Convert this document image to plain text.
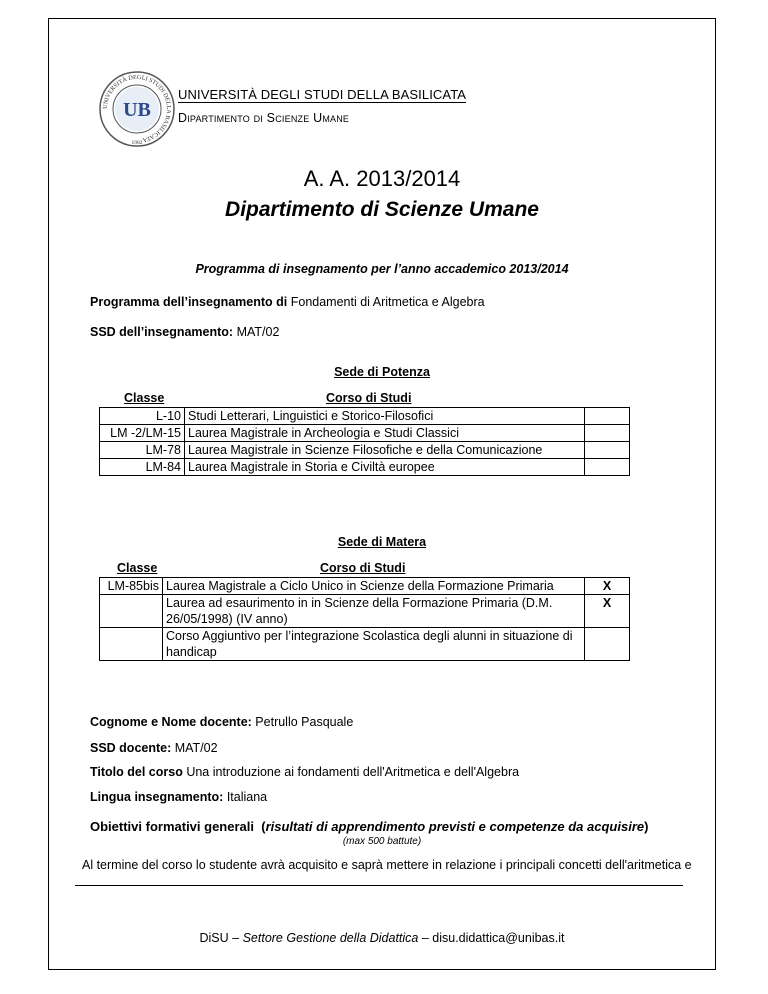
UNIVERSITÀ DEGLI STUDI DELLA BASILICATA
UB
1982
UNIVERSITÀ DEGLI STUDI DELLA BASILICATA
Dipartimento di Scienze Umane
A. A. 2013/2014
Dipartimento di Scienze Umane
Programma di insegnamento per l’anno accademico 2013/2014
Programma dell’insegnamento di Fondamenti di Aritmetica e Algebra
SSD dell’insegnamento: MAT/02
Sede di Potenza
Classe	Corso di Studi
L-10	Studi Letterari, Linguistici e Storico-Filosofici	
LM -2/LM-15	Laurea Magistrale in Archeologia e Studi Classici	
LM-78	Laurea Magistrale in Scienze Filosofiche e della Comunicazione	
LM-84	Laurea Magistrale in Storia e Civiltà europee	
Sede di Matera
Classe	Corso di Studi
LM-85bis	Laurea Magistrale a Ciclo Unico in Scienze della Formazione Primaria	X
	Laurea ad esaurimento in in Scienze della Formazione Primaria (D.M. 26/05/1998) (IV anno)	X
	Corso Aggiuntivo per l’integrazione Scolastica degli alunni in situazione di handicap	
Cognome e Nome docente: Petrullo Pasquale
SSD docente: MAT/02
Titolo del corso Una introduzione ai fondamenti dell'Aritmetica e dell'Algebra
Lingua insegnamento: Italiana
Obiettivi formativi generali  (risultati di apprendimento previsti e competenze da acquisire)
(max 500 battute)
Al termine del corso lo studente avrà acquisito e saprà mettere in relazione i principali concetti dell'aritmetica e
DiSU – Settore Gestione della Didattica – disu.didattica@unibas.it
